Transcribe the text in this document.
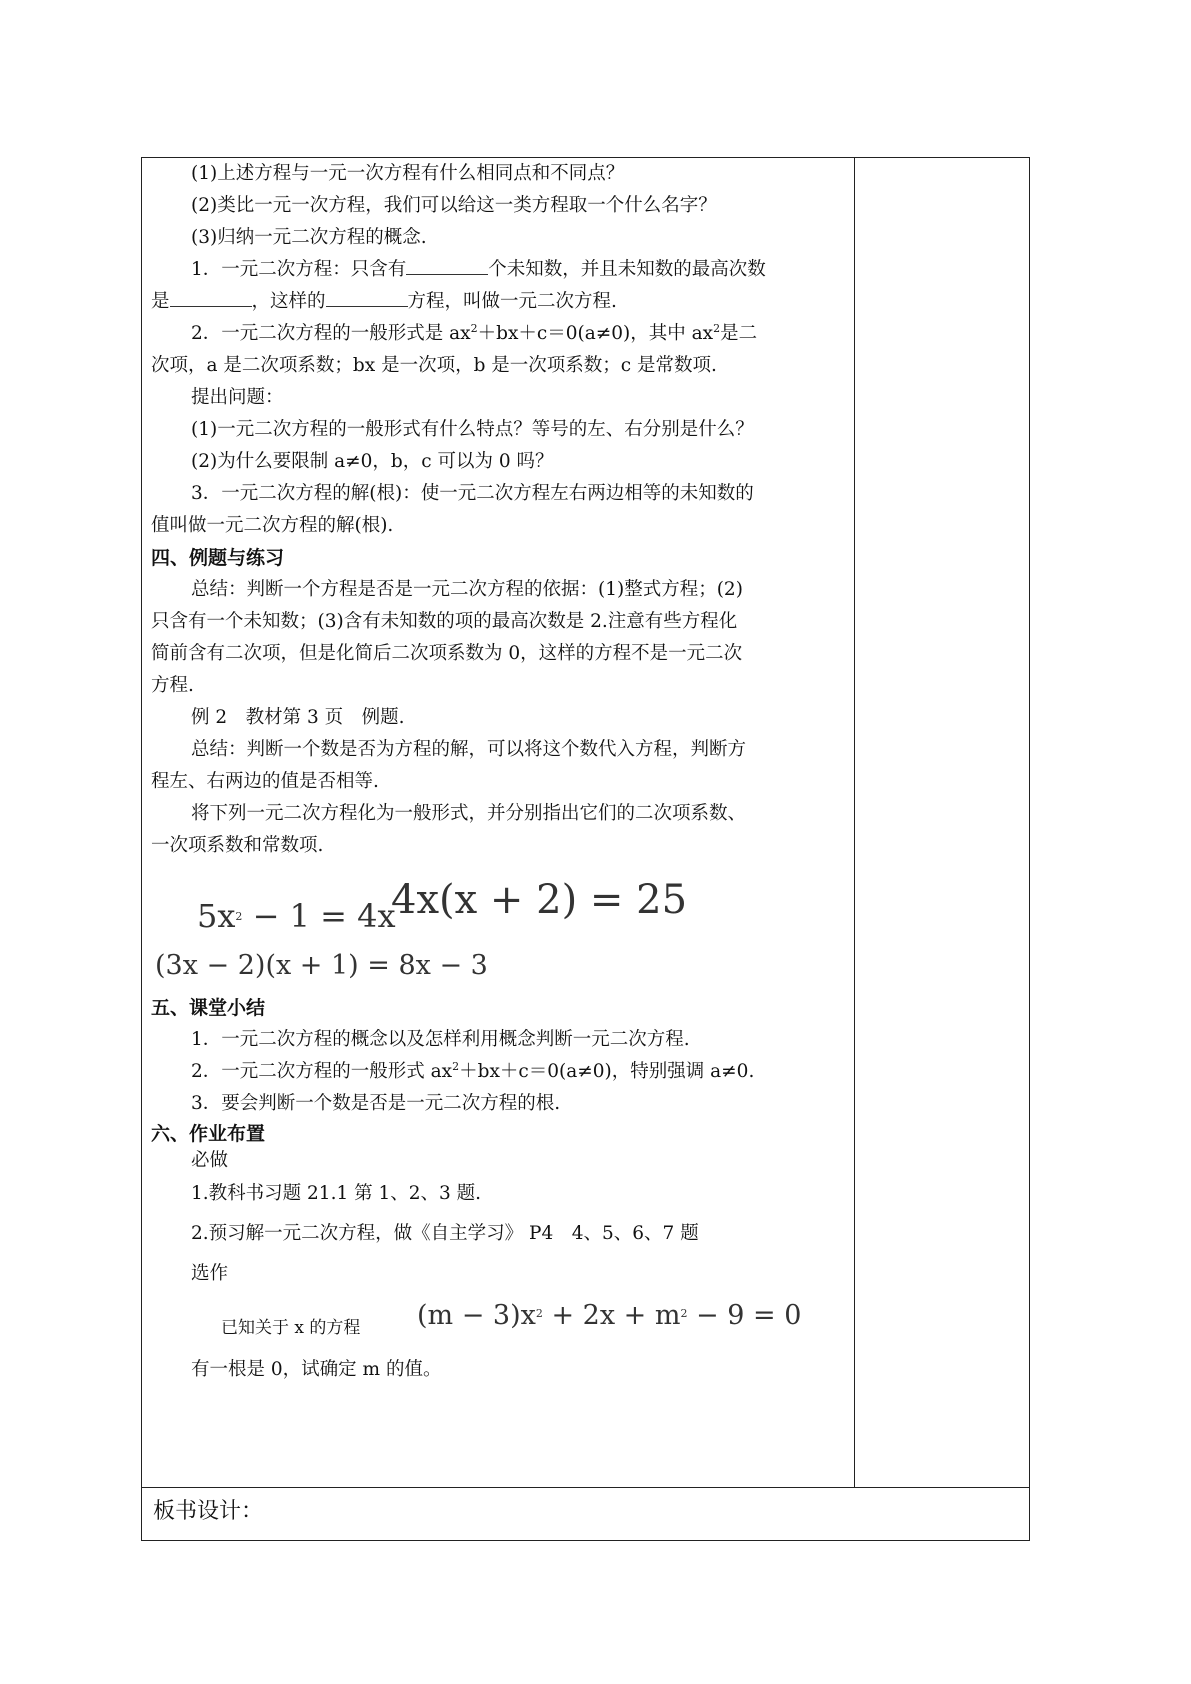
(1)上述方程与一元一次方程有什么相同点和不同点？

(2)类比一元一次方程，我们可以给这一类方程取一个什么名字？

(3)归纳一元二次方程的概念.

1．一元二次方程：只含有	个未知数，并且未知数的最高次数

是	，这样的	方程，叫做一元二次方程.

2．一元二次方程的一般形式是 $ax^2+bx+c=0(a\ne 0)$，其中 $ax^2$是二

次项，a 是二次项系数；bx 是一次项，b 是一次项系数；c 是常数项.

提出问题：

(1)一元二次方程的一般形式有什么特点？等号的左、右分别是什么？

(2)为什么要限制 a≠0，b，c 可以为 0 吗？

3．一元二次方程的解(根)：使一元二次方程左右两边相等的未知数的

值叫做一元二次方程的解(根).

四、例题与练习

总结：判断一个方程是否是一元二次方程的依据：(1)整式方程；(2)

只含有一个未知数；(3)含有未知数的项的最高次数是 2.注意有些方程化

简前含有二次项，但是化简后二次项系数为 0，这样的方程不是一元二次

方程.

例 2　教材第 3 页　例题.

总结：判断一个数是否为方程的解，可以将这个数代入方程，判断方

程左、右两边的值是否相等.

将下列一元二次方程化为一般形式，并分别指出它们的二次项系数、

一次项系数和常数项.

$5x^2 - 1 = 4x$
4x(x + 2) = 25
(3x − 2)(x + 1) = 8x − 3

五、课堂小结

1．一元二次方程的概念以及怎样利用概念判断一元二次方程.

2．一元二次方程的一般形式 $ax^2+bx+c=0(a\ne 0)$，特别强调 a≠0.

3．要会判断一个数是否是一元二次方程的根.

六、作业布置

必做

1.教科书习题 21.1 第 1、2、3 题.

2.预习解一元二次方程，做《自主学习》 P4　4、5、6、7 题

选作

已知关于 x 的方程 $(m - 3)x^2 + 2x + m^2 - 9 = 0$

有一根是 0，试确定 m 的值。

板书设计：
